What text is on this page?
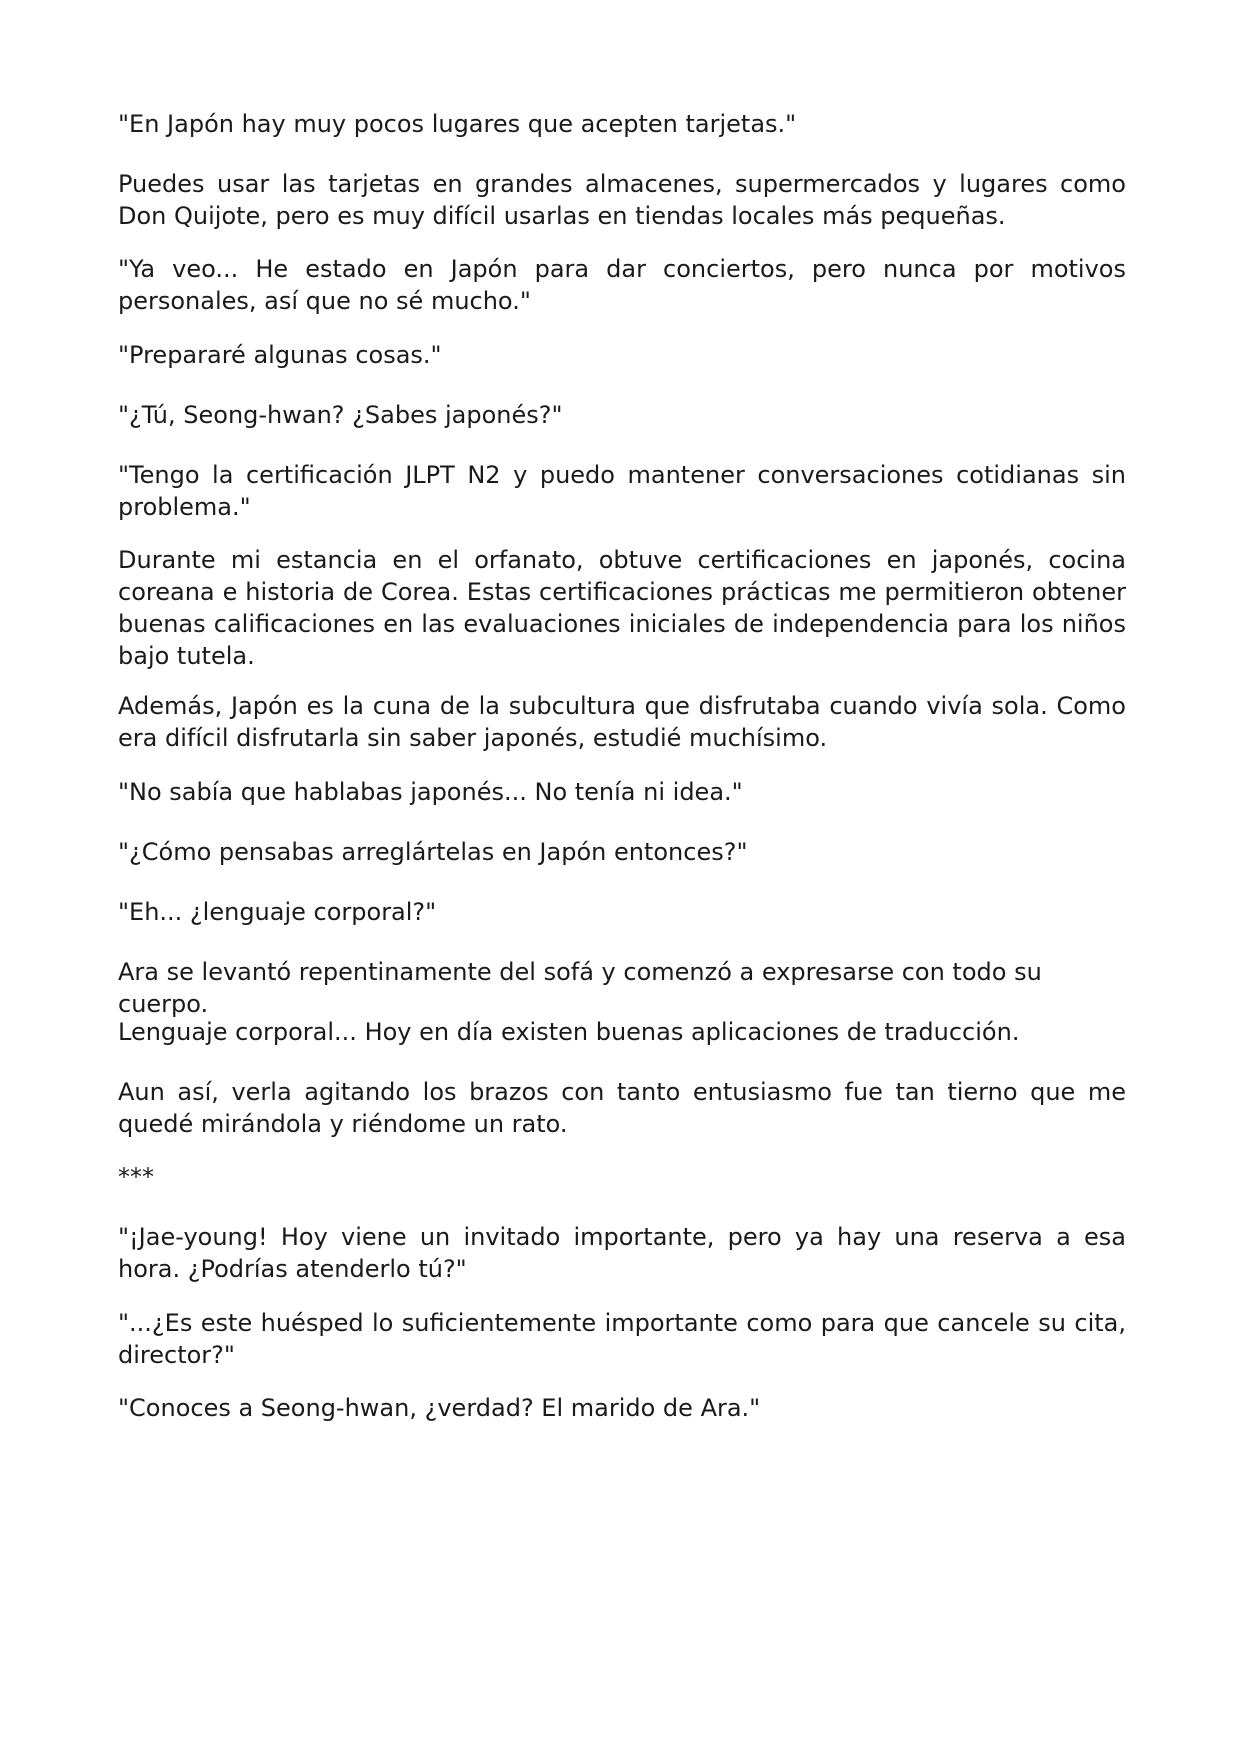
"En Japón hay muy pocos lugares que acepten tarjetas."

Puedes usar las tarjetas en grandes almacenes, supermercados y lugares como Don Quijote, pero es muy difícil usarlas en tiendas locales más pequeñas.

"Ya veo... He estado en Japón para dar conciertos, pero nunca por motivos personales, así que no sé mucho."

"Prepararé algunas cosas."

"¿Tú, Seong-hwan? ¿Sabes japonés?"

"Tengo la certificación JLPT N2 y puedo mantener conversaciones cotidianas sin problema."

Durante mi estancia en el orfanato, obtuve certificaciones en japonés, cocina coreana e historia de Corea. Estas certificaciones prácticas me permitieron obtener buenas calificaciones en las evaluaciones iniciales de independencia para los niños bajo tutela.

Además, Japón es la cuna de la subcultura que disfrutaba cuando vivía sola. Como era difícil disfrutarla sin saber japonés, estudié muchísimo.

"No sabía que hablabas japonés... No tenía ni idea."

"¿Cómo pensabas arreglártelas en Japón entonces?"

"Eh... ¿lenguaje corporal?"

Ara se levantó repentinamente del sofá y comenzó a expresarse con todo su cuerpo.

Lenguaje corporal... Hoy en día existen buenas aplicaciones de traducción.

Aun así, verla agitando los brazos con tanto entusiasmo fue tan tierno que me quedé mirándola y riéndome un rato.

***

"¡Jae-young! Hoy viene un invitado importante, pero ya hay una reserva a esa hora. ¿Podrías atenderlo tú?"

"...¿Es este huésped lo suficientemente importante como para que cancele su cita, director?"

"Conoces a Seong-hwan, ¿verdad? El marido de Ara."
